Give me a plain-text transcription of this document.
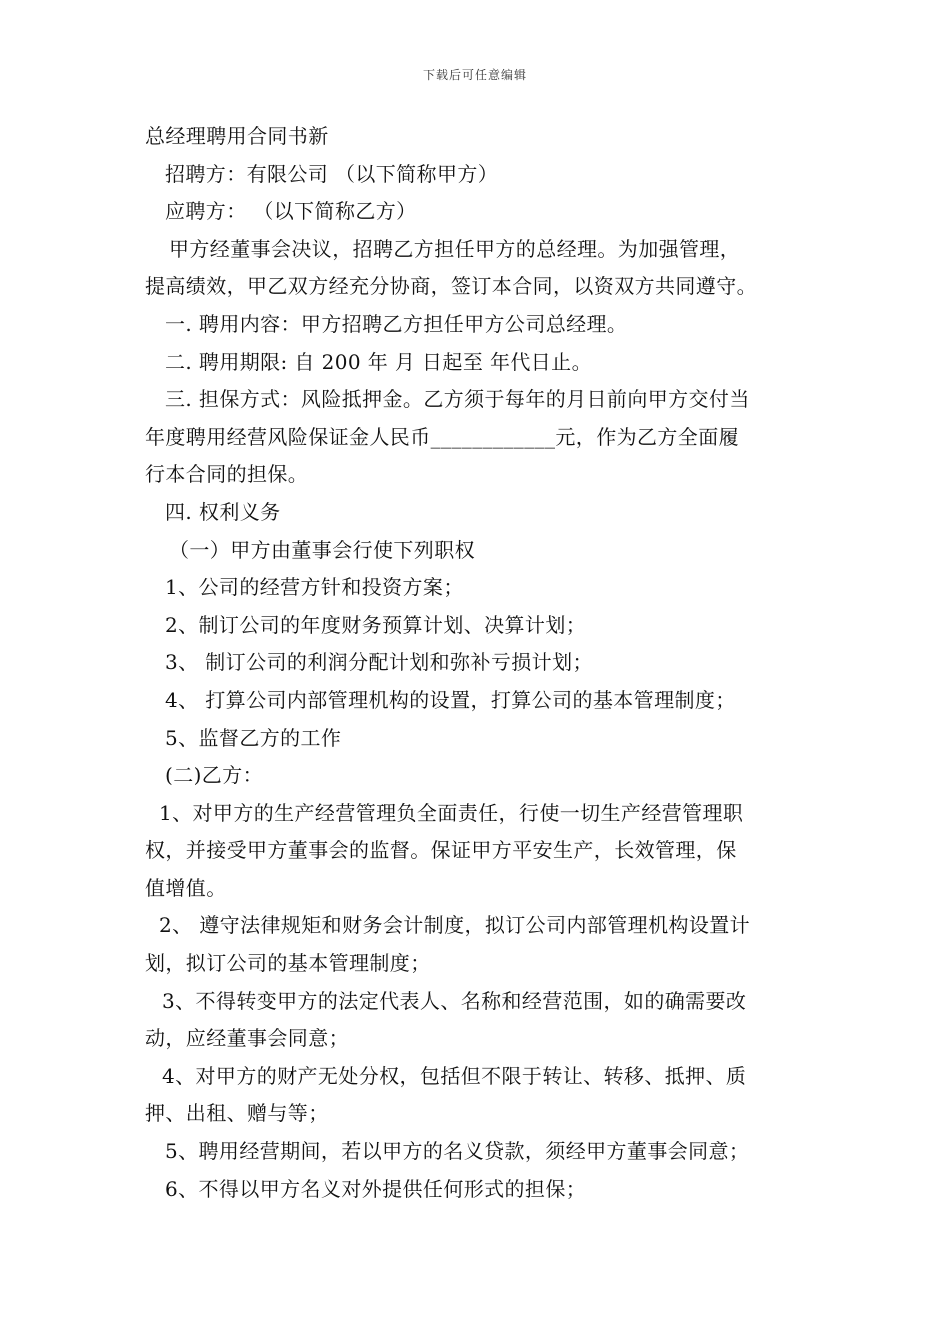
下载后可任意编辑
总经理聘用合同书新
招聘方：有限公司 （以下简称甲方）
应聘方： （以下简称乙方）
甲方经董事会决议，招聘乙方担任甲方的总经理。为加强管理，
提高绩效，甲乙双方经充分协商，签订本合同，以资双方共同遵守。
一. 聘用内容：甲方招聘乙方担任甲方公司总经理。
二. 聘用期限: 自 200 年 月 日起至 年代日止。
三. 担保方式：风险抵押金。乙方须于每年的月日前向甲方交付当
年度聘用经营风险保证金人民币____________元，作为乙方全面履
行本合同的担保。
四. 权利义务
（一）甲方由董事会行使下列职权
1、公司的经营方针和投资方案；
2、制订公司的年度财务预算计划、决算计划；
3、 制订公司的利润分配计划和弥补亏损计划；
4、 打算公司内部管理机构的设置，打算公司的基本管理制度；
5、监督乙方的工作
(二)乙方：
1、对甲方的生产经营管理负全面责任，行使一切生产经营管理职
权，并接受甲方董事会的监督。保证甲方平安生产，长效管理，保
值增值。
2、 遵守法律规矩和财务会计制度，拟订公司内部管理机构设置计
划，拟订公司的基本管理制度；
3、不得转变甲方的法定代表人、名称和经营范围，如的确需要改
动，应经董事会同意；
4、对甲方的财产无处分权，包括但不限于转让、转移、抵押、质
押、出租、赠与等；
5、聘用经营期间，若以甲方的名义贷款，须经甲方董事会同意；
6、不得以甲方名义对外提供任何形式的担保；
